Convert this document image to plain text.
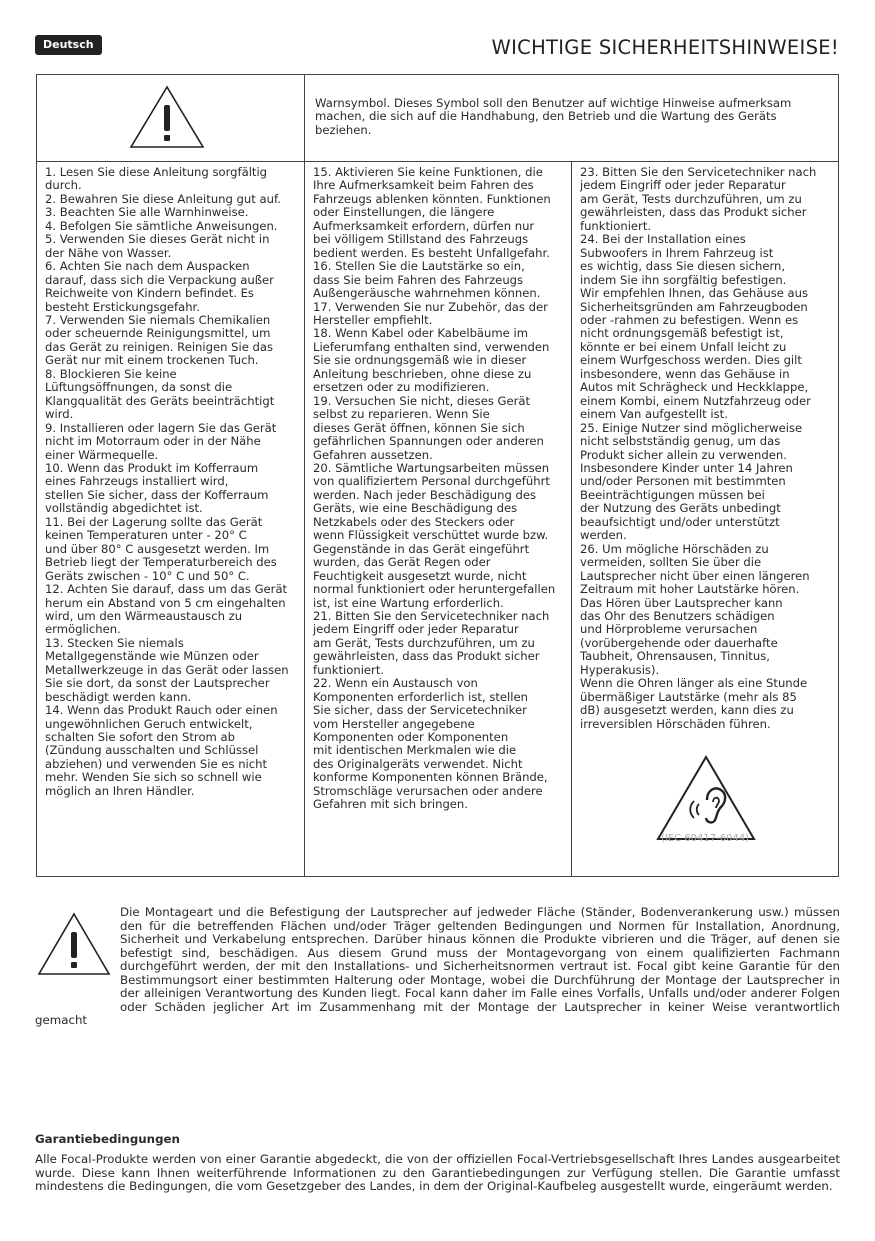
Deutsch	WICHTIGE SICHERHEITSHINWEISE!
Warnsymbol. Dieses Symbol soll den Benutzer auf wichtige Hinweise aufmerksam machen, die sich auf die Handhabung, den Betrieb und die Wartung des Geräts beziehen.

1. Lesen Sie diese Anleitung sorgfältig
durch.
2. Bewahren Sie diese Anleitung gut auf.
3. Beachten Sie alle Warnhinweise.
4. Befolgen Sie sämtliche Anweisungen.
5. Verwenden Sie dieses Gerät nicht in
der Nähe von Wasser.
6. Achten Sie nach dem Auspacken
darauf, dass sich die Verpackung außer
Reichweite von Kindern befindet. Es
besteht Erstickungsgefahr.
7. Verwenden Sie niemals Chemikalien
oder scheuernde Reinigungsmittel, um
das Gerät zu reinigen. Reinigen Sie das
Gerät nur mit einem trockenen Tuch.
8. Blockieren Sie keine
Lüftungsöffnungen, da sonst die
Klangqualität des Geräts beeinträchtigt
wird.
9. Installieren oder lagern Sie das Gerät
nicht im Motorraum oder in der Nähe
einer Wärmequelle.
10. Wenn das Produkt im Kofferraum
eines Fahrzeugs installiert wird,
stellen Sie sicher, dass der Kofferraum
vollständig abgedichtet ist.
11. Bei der Lagerung sollte das Gerät
keinen Temperaturen unter - 20° C
und über 80° C ausgesetzt werden. Im
Betrieb liegt der Temperaturbereich des
Geräts zwischen - 10° C und 50° C.
12. Achten Sie darauf, dass um das Gerät
herum ein Abstand von 5 cm eingehalten
wird, um den Wärmeaustausch zu
ermöglichen.
13. Stecken Sie niemals
Metallgegenstände wie Münzen oder
Metallwerkzeuge in das Gerät oder lassen
Sie sie dort, da sonst der Lautsprecher
beschädigt werden kann.
14. Wenn das Produkt Rauch oder einen
ungewöhnlichen Geruch entwickelt,
schalten Sie sofort den Strom ab
(Zündung ausschalten und Schlüssel
abziehen) und verwenden Sie es nicht
mehr. Wenden Sie sich so schnell wie
möglich an Ihren Händler.

15. Aktivieren Sie keine Funktionen, die
Ihre Aufmerksamkeit beim Fahren des
Fahrzeugs ablenken könnten. Funktionen
oder Einstellungen, die längere
Aufmerksamkeit erfordern, dürfen nur
bei völligem Stillstand des Fahrzeugs
bedient werden. Es besteht Unfallgefahr.
16. Stellen Sie die Lautstärke so ein,
dass Sie beim Fahren des Fahrzeugs
Außengeräusche wahrnehmen können.
17. Verwenden Sie nur Zubehör, das der
Hersteller empfiehlt.
18. Wenn Kabel oder Kabelbäume im
Lieferumfang enthalten sind, verwenden
Sie sie ordnungsgemäß wie in dieser
Anleitung beschrieben, ohne diese zu
ersetzen oder zu modifizieren.
19. Versuchen Sie nicht, dieses Gerät
selbst zu reparieren. Wenn Sie
dieses Gerät öffnen, können Sie sich
gefährlichen Spannungen oder anderen
Gefahren aussetzen.
20. Sämtliche Wartungsarbeiten müssen
von qualifiziertem Personal durchgeführt
werden. Nach jeder Beschädigung des
Geräts, wie eine Beschädigung des
Netzkabels oder des Steckers oder
wenn Flüssigkeit verschüttet wurde bzw.
Gegenstände in das Gerät eingeführt
wurden, das Gerät Regen oder
Feuchtigkeit ausgesetzt wurde, nicht
normal funktioniert oder heruntergefallen
ist, ist eine Wartung erforderlich.
21. Bitten Sie den Servicetechniker nach
jedem Eingriff oder jeder Reparatur
am Gerät, Tests durchzuführen, um zu
gewährleisten, dass das Produkt sicher
funktioniert.
22. Wenn ein Austausch von
Komponenten erforderlich ist, stellen
Sie sicher, dass der Servicetechniker
vom Hersteller angegebene
Komponenten oder Komponenten
mit identischen Merkmalen wie die
des Originalgeräts verwendet. Nicht
konforme Komponenten können Brände,
Stromschläge verursachen oder andere
Gefahren mit sich bringen.

23. Bitten Sie den Servicetechniker nach
jedem Eingriff oder jeder Reparatur
am Gerät, Tests durchzuführen, um zu
gewährleisten, dass das Produkt sicher
funktioniert.
24. Bei der Installation eines
Subwoofers in Ihrem Fahrzeug ist
es wichtig, dass Sie diesen sichern,
indem Sie ihn sorgfältig befestigen.
Wir empfehlen Ihnen, das Gehäuse aus
Sicherheitsgründen am Fahrzeugboden
oder -rahmen zu befestigen. Wenn es
nicht ordnungsgemäß befestigt ist,
könnte er bei einem Unfall leicht zu
einem Wurfgeschoss werden. Dies gilt
insbesondere, wenn das Gehäuse in
Autos mit Schrägheck und Heckklappe,
einem Kombi, einem Nutzfahrzeug oder
einem Van aufgestellt ist.
25. Einige Nutzer sind möglicherweise
nicht selbstständig genug, um das
Produkt sicher allein zu verwenden.
Insbesondere Kinder unter 14 Jahren
und/oder Personen mit bestimmten
Beeinträchtigungen müssen bei
der Nutzung des Geräts unbedingt
beaufsichtigt und/oder unterstützt
werden.
26. Um mögliche Hörschäden zu
vermeiden, sollten Sie über die
Lautsprecher nicht über einen längeren
Zeitraum mit hoher Lautstärke hören.
Das Hören über Lautsprecher kann
das Ohr des Benutzers schädigen
und Hörprobleme verursachen
(vorübergehende oder dauerhafte
Taubheit, Ohrensausen, Tinnitus,
Hyperakusis).
Wenn die Ohren länger als eine Stunde
übermäßiger Lautstärke (mehr als 85
dB) ausgesetzt werden, kann dies zu
irreversiblen Hörschäden führen.

(IEC 60417-6044)
Die Montageart und die Befestigung der Lautsprecher auf jedweder Fläche (Ständer, Bodenverankerung usw.) müssen den für die betreffenden Flächen und/oder Träger geltenden Bedingungen und Normen für Installation, Anordnung, Sicherheit und Verkabelung entsprechen. Darüber hinaus können die Produkte vibrieren und die Träger, auf denen sie befestigt sind, beschädigen. Aus diesem Grund muss der Montagevorgang von einem qualifizierten Fachmann durchgeführt werden, der mit den Installations- und Sicherheitsnormen vertraut ist. Focal gibt keine Garantie für den Bestimmungsort einer bestimmten Halterung oder Montage, wobei die Durchführung der Montage der Lautsprecher in der alleinigen Verantwortung des Kunden liegt. Focal kann daher im Falle eines Vorfalls, Unfalls und/oder anderer Folgen oder Schäden jeglicher Art im Zusammenhang mit der Montage der Lautsprecher in keiner Weise verantwortlich gemacht
Garantiebedingungen
Alle Focal-Produkte werden von einer Garantie abgedeckt, die von der offiziellen Focal-Vertriebsgesellschaft Ihres Landes ausgearbeitet wurde. Diese kann Ihnen weiterführende Informationen zu den Garantiebedingungen zur Verfügung stellen. Die Garantie umfasst mindestens die Bedingungen, die vom Gesetzgeber des Landes, in dem der Original-Kaufbeleg ausgestellt wurde, eingeräumt werden.
